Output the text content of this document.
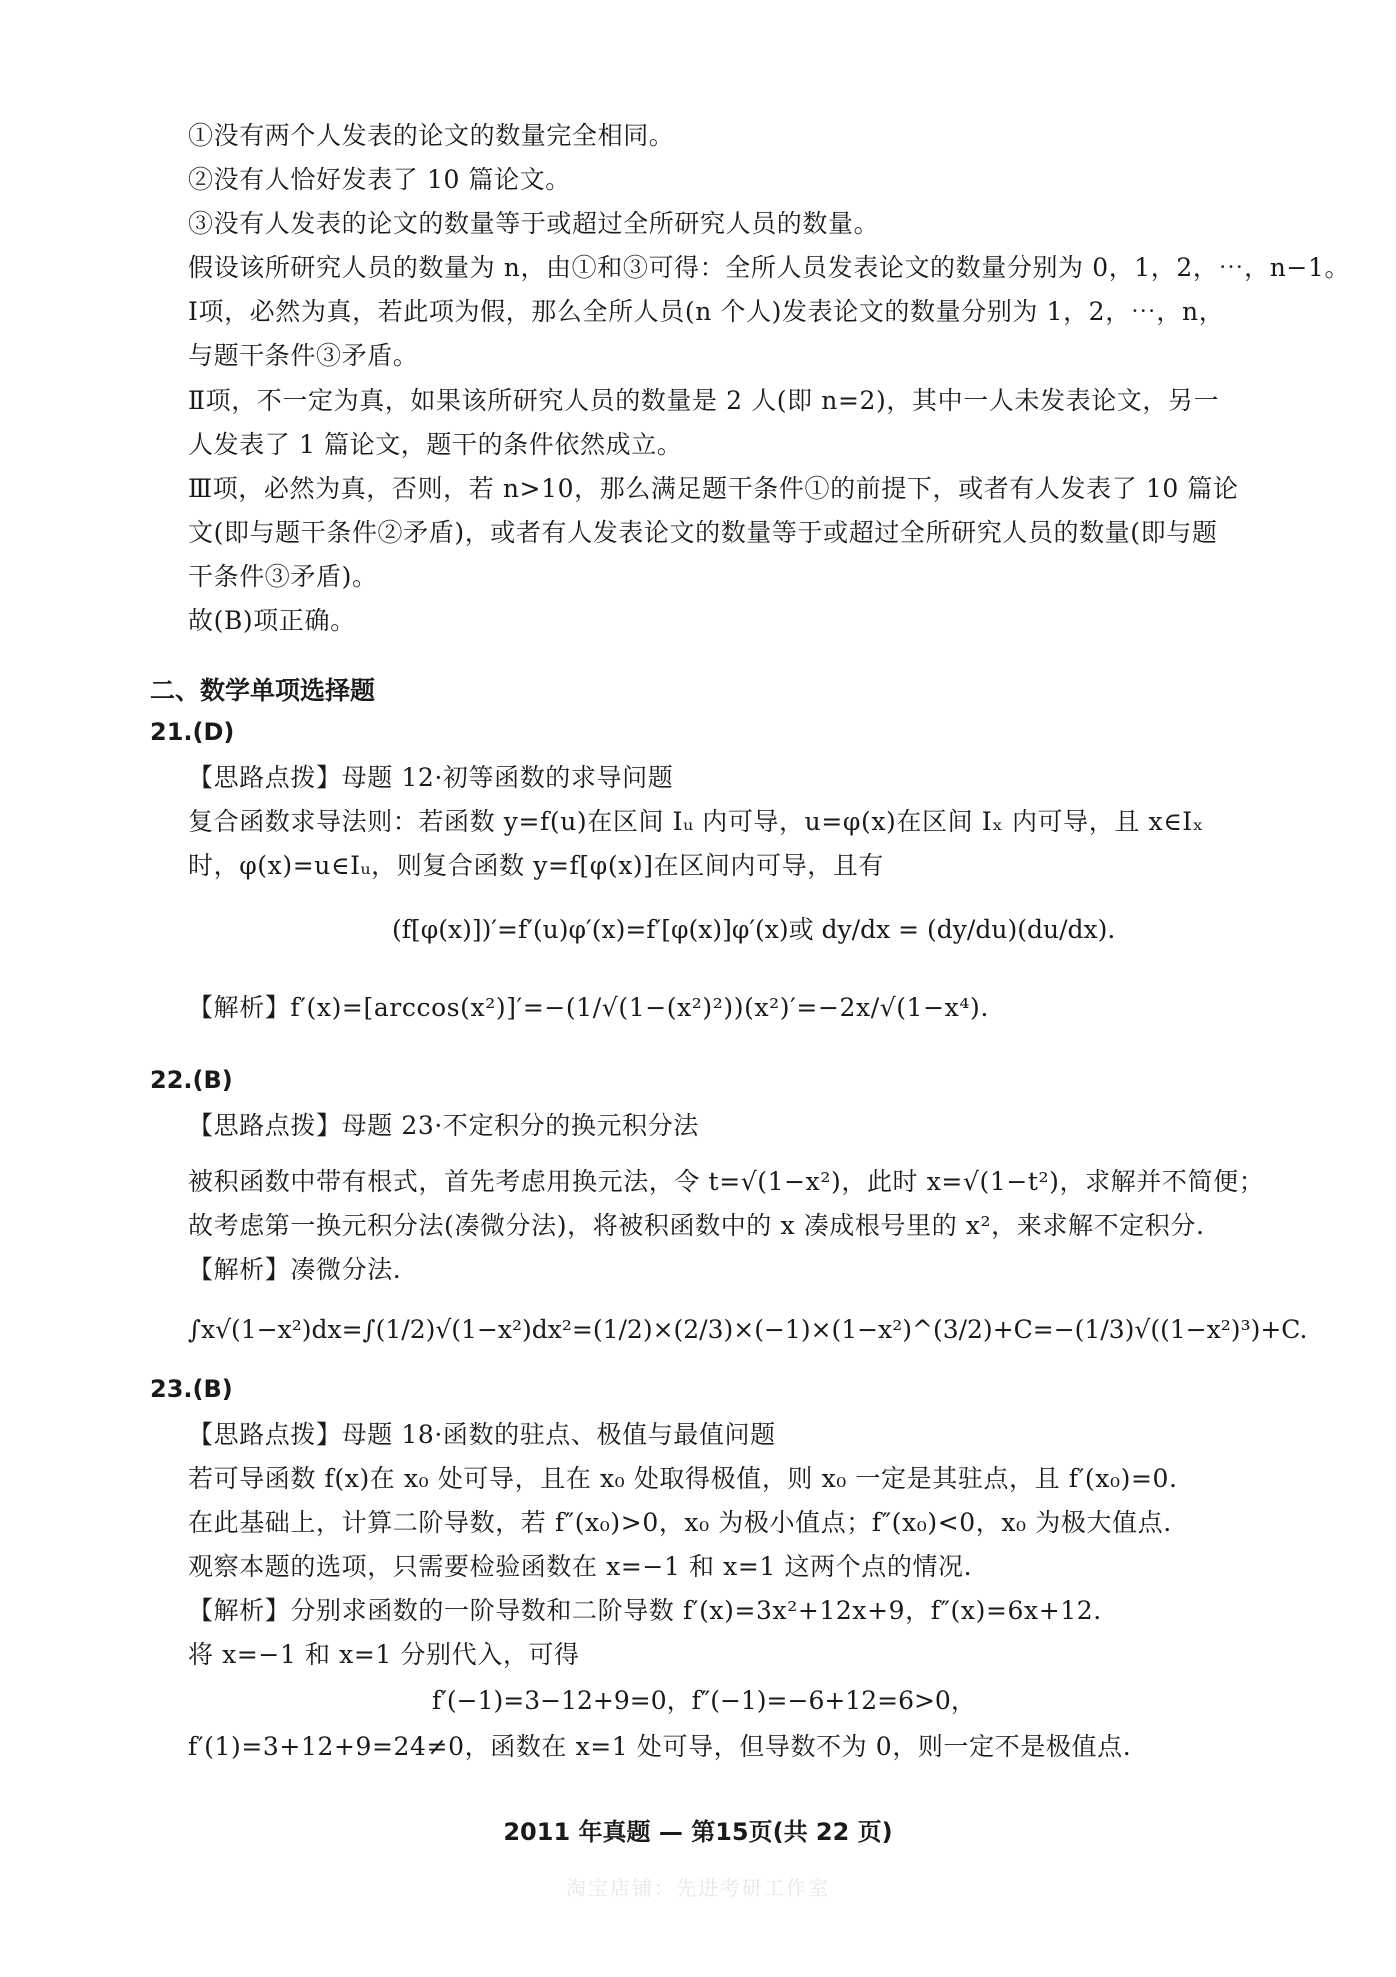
①没有两个人发表的论文的数量完全相同。
②没有人恰好发表了 10 篇论文。
③没有人发表的论文的数量等于或超过全所研究人员的数量。
假设该所研究人员的数量为 n，由①和③可得：全所人员发表论文的数量分别为 0，1，2，⋯，n−1。
Ⅰ项，必然为真，若此项为假，那么全所人员(n 个人)发表论文的数量分别为 1，2，⋯，n，
与题干条件③矛盾。
Ⅱ项，不一定为真，如果该所研究人员的数量是 2 人(即 n=2)，其中一人未发表论文，另一
人发表了 1 篇论文，题干的条件依然成立。
Ⅲ项，必然为真，否则，若 n>10，那么满足题干条件①的前提下，或者有人发表了 10 篇论
文(即与题干条件②矛盾)，或者有人发表论文的数量等于或超过全所研究人员的数量(即与题
干条件③矛盾)。
故(B)项正确。
二、数学单项选择题
21.(D)
【思路点拨】母题 12·初等函数的求导问题
复合函数求导法则：若函数 y=f(u)在区间 Iᵤ 内可导，u=φ(x)在区间 Iₓ 内可导，且 x∈Iₓ
时，φ(x)=u∈Iᵤ，则复合函数 y=f[φ(x)]在区间内可导，且有
(f[φ(x)])′=f′(u)φ′(x)=f′[φ(x)]φ′(x)或 dy/dx = (dy/du)(du/dx).
【解析】f′(x)=[arccos(x²)]′=−(1/√(1−(x²)²))(x²)′=−2x/√(1−x⁴).
22.(B)
【思路点拨】母题 23·不定积分的换元积分法
被积函数中带有根式，首先考虑用换元法，令 t=√(1−x²)，此时 x=√(1−t²)，求解并不简便；
故考虑第一换元积分法(凑微分法)，将被积函数中的 x 凑成根号里的 x²，来求解不定积分.
【解析】凑微分法.
∫x√(1−x²)dx=∫(1/2)√(1−x²)dx²=(1/2)×(2/3)×(−1)×(1−x²)^(3/2)+C=−(1/3)√((1−x²)³)+C.
23.(B)
【思路点拨】母题 18·函数的驻点、极值与最值问题
若可导函数 f(x)在 x₀ 处可导，且在 x₀ 处取得极值，则 x₀ 一定是其驻点，且 f′(x₀)=0.
在此基础上，计算二阶导数，若 f″(x₀)>0，x₀ 为极小值点；f″(x₀)<0，x₀ 为极大值点.
观察本题的选项，只需要检验函数在 x=−1 和 x=1 这两个点的情况.
【解析】分别求函数的一阶导数和二阶导数 f′(x)=3x²+12x+9，f″(x)=6x+12.
将 x=−1 和 x=1 分别代入，可得
f′(−1)=3−12+9=0，f″(−1)=−6+12=6>0，
f′(1)=3+12+9=24≠0，函数在 x=1 处可导，但导数不为 0，则一定不是极值点.
2011 年真题 — 第15页(共 22 页)
淘宝店铺：先进考研工作室
